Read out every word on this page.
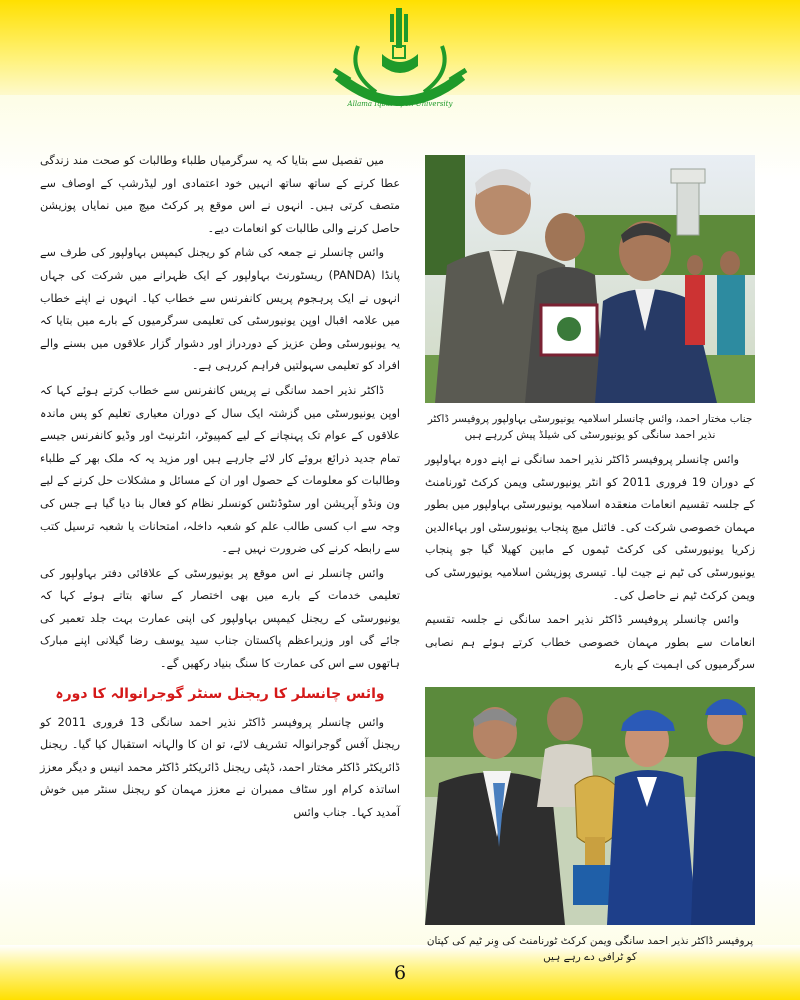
Allama Iqbal Open University

میں تفصیل سے بتایا کہ یہ سرگرمیاں طلباء وطالبات کو صحت مند زندگی عطا کرنے کے ساتھ ساتھ انہیں خود اعتمادی اور لیڈرشپ کے اوصاف سے متصف کرتی ہیں۔ انہوں نے اس موقع پر کرکٹ میچ میں نمایاں پوزیشن حاصل کرنے والی طالبات کو انعامات دیے۔

وائس چانسلر نے جمعہ کی شام کو ریجنل کیمپس بہاولپور کی طرف سے پانڈا (PANDA) ریسٹورنٹ بہاولپور کے ایک ظہرانے میں شرکت کی جہاں انہوں نے ایک پرہجوم پریس کانفرنس سے خطاب کیا۔ انہوں نے اپنے خطاب میں علامہ اقبال اوپن یونیورسٹی کی تعلیمی سرگرمیوں کے بارے میں بتایا کہ یہ یونیورسٹی وطن عزیز کے دوردراز اور دشوار گزار علاقوں میں بسنے والے افراد کو تعلیمی سہولتیں فراہم کررہی ہے۔

ڈاکٹر نذیر احمد سانگی نے پریس کانفرنس سے خطاب کرتے ہوئے کہا کہ اوپن یونیورسٹی میں گزشتہ ایک سال کے دوران معیاری تعلیم کو پس ماندہ علاقوں کے عوام تک پہنچانے کے لیے کمپیوٹر، انٹرنیٹ اور وڈیو کانفرنس جیسے تمام جدید ذرائع بروئے کار لائے جارہے ہیں اور مزید یہ کہ ملک بھر کے طلباء وطالبات کو معلومات کے حصول اور ان کے مسائل و مشکلات حل کرنے کے لیے ون ونڈو آپریشن اور سٹوڈنٹس کونسلر نظام کو فعال بنا دیا گیا ہے جس کی وجہ سے اب کسی طالب علم کو شعبہ داخلہ، امتحانات یا شعبہ ترسیل کتب سے رابطہ کرنے کی ضرورت نہیں ہے۔

وائس چانسلر نے اس موقع پر یونیورسٹی کے علاقائی دفتر بہاولپور کی تعلیمی خدمات کے بارے میں بھی اختصار کے ساتھ بتاتے ہوئے کہا کہ یونیورسٹی کے ریجنل کیمپس بہاولپور کی اپنی عمارت بہت جلد تعمیر کی جائے گی اور وزیراعظم پاکستان جناب سید یوسف رضا گیلانی اپنے مبارک ہاتھوں سے اس کی عمارت کا سنگ بنیاد رکھیں گے۔

وائس چانسلر کا ریجنل سنٹر گوجرانوالہ کا دورہ

وائس چانسلر پروفیسر ڈاکٹر نذیر احمد سانگی 13 فروری 2011 کو ریجنل آفس گوجرانوالہ تشریف لائے، تو ان کا والہانہ استقبال کیا گیا۔ ریجنل ڈائریکٹر ڈاکٹر مختار احمد، ڈپٹی ریجنل ڈائریکٹر ڈاکٹر محمد انیس و دیگر معزز اساتذہ کرام اور سٹاف ممبران نے معزز مہمان کو ریجنل سنٹر میں خوش آمدید کہا۔ جناب وائس

جناب مختار احمد، وائس چانسلر اسلامیہ یونیورسٹی بہاولپور پروفیسر ڈاکٹر نذیر احمد سانگی کو یونیورسٹی کی شیلڈ پیش کررہے ہیں

وائس چانسلر پروفیسر ڈاکٹر نذیر احمد سانگی نے اپنے دورہ بہاولپور کے دوران 19 فروری 2011 کو انٹر یونیورسٹی ویمن کرکٹ ٹورنامنٹ کے جلسہ تقسیم انعامات منعقدہ اسلامیہ یونیورسٹی بہاولپور میں بطور مہمان خصوصی شرکت کی۔ فائنل میچ پنجاب یونیورسٹی اور بہاءالدین زکریا یونیورسٹی کی کرکٹ ٹیموں کے مابین کھیلا گیا جو پنجاب یونیورسٹی کی ٹیم نے جیت لیا۔ تیسری پوزیشن اسلامیہ یونیورسٹی کی ویمن کرکٹ ٹیم نے حاصل کی۔

وائس چانسلر پروفیسر ڈاکٹر نذیر احمد سانگی نے جلسہ تقسیم انعامات سے بطور مہمان خصوصی خطاب کرتے ہوئے ہم نصابی سرگرمیوں کی اہمیت کے بارے

پروفیسر ڈاکٹر نذیر احمد سانگی ویمن کرکٹ ٹورنامنٹ کی وِنر ٹیم کی کپتان کو ٹرافی دے رہے ہیں
6
